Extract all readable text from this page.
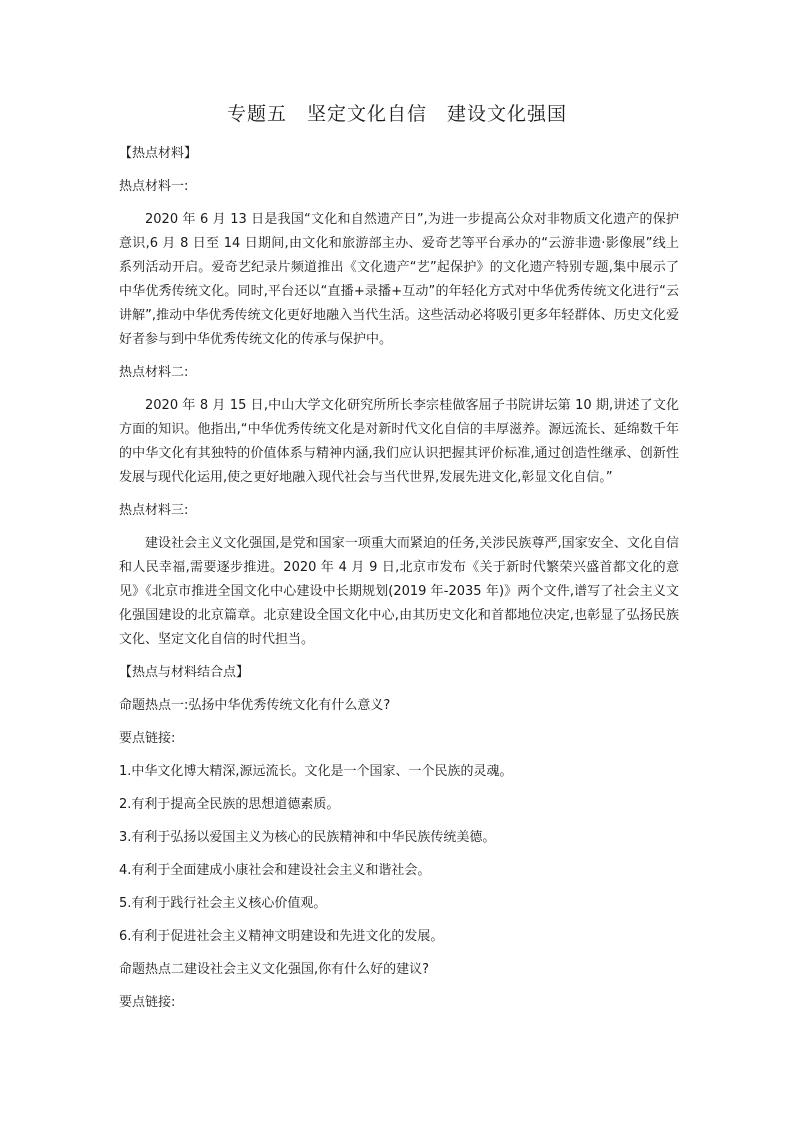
专题五　坚定文化自信　建设文化强国

【热点材料】

热点材料一:

2020 年 6 月 13 日是我国“文化和自然遗产日”,为进一步提高公众对非物质文化遗产的保护意识,6 月 8 日至 14 日期间,由文化和旅游部主办、爱奇艺等平台承办的“云游非遗·影像展”线上系列活动开启。爱奇艺纪录片频道推出《文化遗产“艺”起保护》的文化遗产特别专题,集中展示了中华优秀传统文化。同时,平台还以“直播+录播+互动”的年轻化方式对中华优秀传统文化进行“云讲解”,推动中华优秀传统文化更好地融入当代生活。这些活动必将吸引更多年轻群体、历史文化爱好者参与到中华优秀传统文化的传承与保护中。

热点材料二:

2020 年 8 月 15 日,中山大学文化研究所所长李宗桂做客屈子书院讲坛第 10 期,讲述了文化方面的知识。他指出,“中华优秀传统文化是对新时代文化自信的丰厚滋养。源远流长、延绵数千年的中华文化有其独特的价值体系与精神内涵,我们应认识把握其评价标准,通过创造性继承、创新性发展与现代化运用,使之更好地融入现代社会与当代世界,发展先进文化,彰显文化自信。”

热点材料三:

建设社会主义文化强国,是党和国家一项重大而紧迫的任务,关涉民族尊严,国家安全、文化自信和人民幸福,需要逐步推进。2020 年 4 月 9 日,北京市发布《关于新时代繁荣兴盛首都文化的意见》《北京市推进全国文化中心建设中长期规划(2019 年-2035 年)》两个文件,谱写了社会主义文化强国建设的北京篇章。北京建设全国文化中心,由其历史文化和首都地位决定,也彰显了弘扬民族文化、坚定文化自信的时代担当。

【热点与材料结合点】

命题热点一:弘扬中华优秀传统文化有什么意义?

要点链接:

1.中华文化博大精深,源远流长。文化是一个国家、一个民族的灵魂。

2.有利于提高全民族的思想道德素质。

3.有利于弘扬以爱国主义为核心的民族精神和中华民族传统美德。

4.有利于全面建成小康社会和建设社会主义和谐社会。

5.有利于践行社会主义核心价值观。

6.有利于促进社会主义精神文明建设和先进文化的发展。

命题热点二建设社会主义文化强国,你有什么好的建议?

要点链接:
